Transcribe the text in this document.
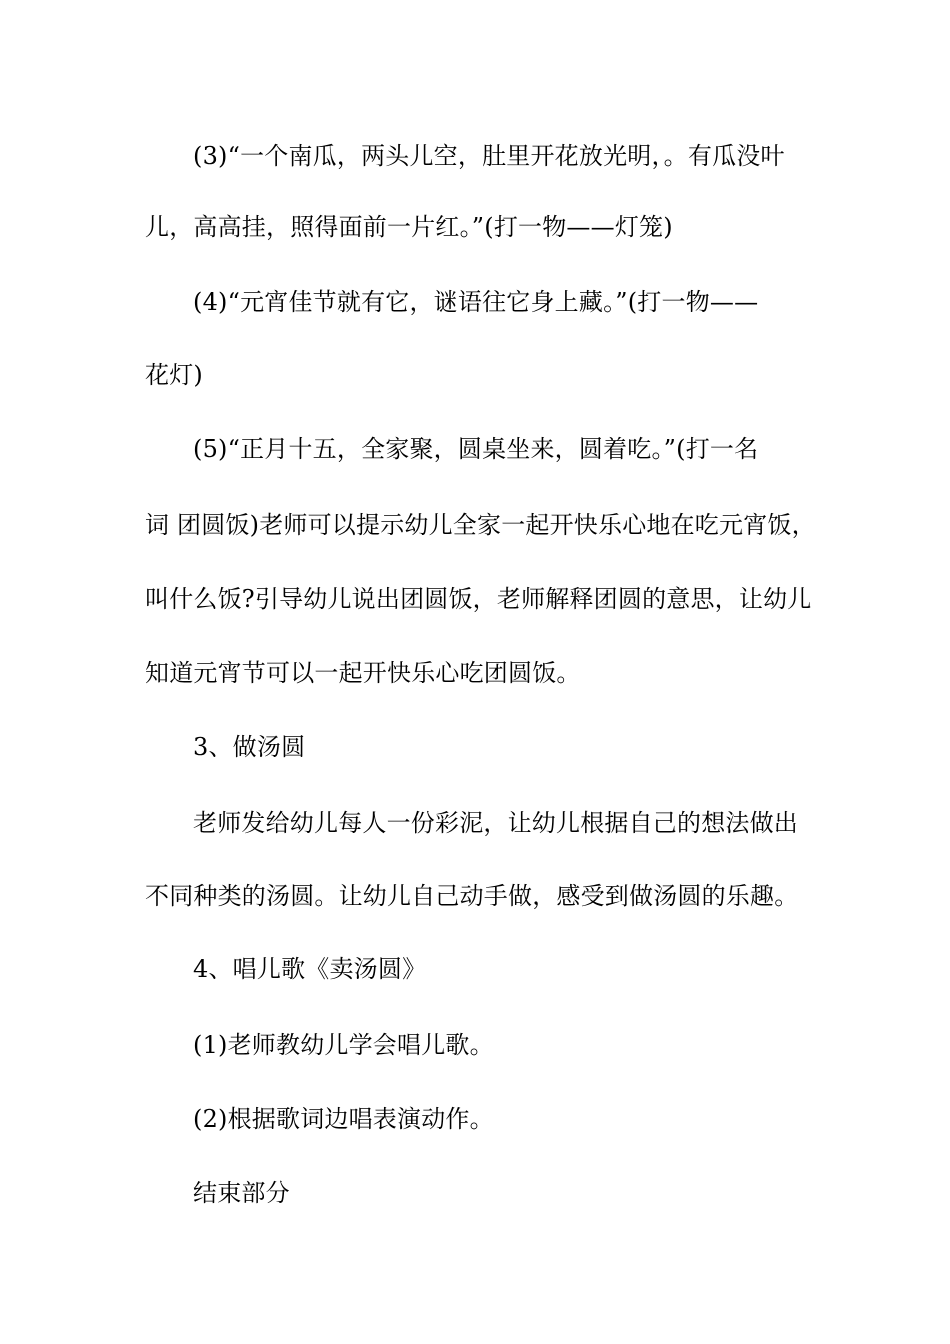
(3)“一个南瓜，两头儿空，肚里开花放光明，。有瓜没叶
儿，高高挂，照得面前一片红。”(打一物——灯笼)
(4)“元宵佳节就有它，谜语往它身上藏。”(打一物——
花灯)
(5)“正月十五，全家聚，圆桌坐来，圆着吃。”(打一名
词 团圆饭)老师可以提示幼儿全家一起开快乐心地在吃元宵饭，
叫什么饭?引导幼儿说出团圆饭，老师解释团圆的意思，让幼儿
知道元宵节可以一起开快乐心吃团圆饭。
3、做汤圆
老师发给幼儿每人一份彩泥，让幼儿根据自己的想法做出
不同种类的汤圆。让幼儿自己动手做，感受到做汤圆的乐趣。
4、唱儿歌《卖汤圆》
(1)老师教幼儿学会唱儿歌。
(2)根据歌词边唱表演动作。
结束部分
